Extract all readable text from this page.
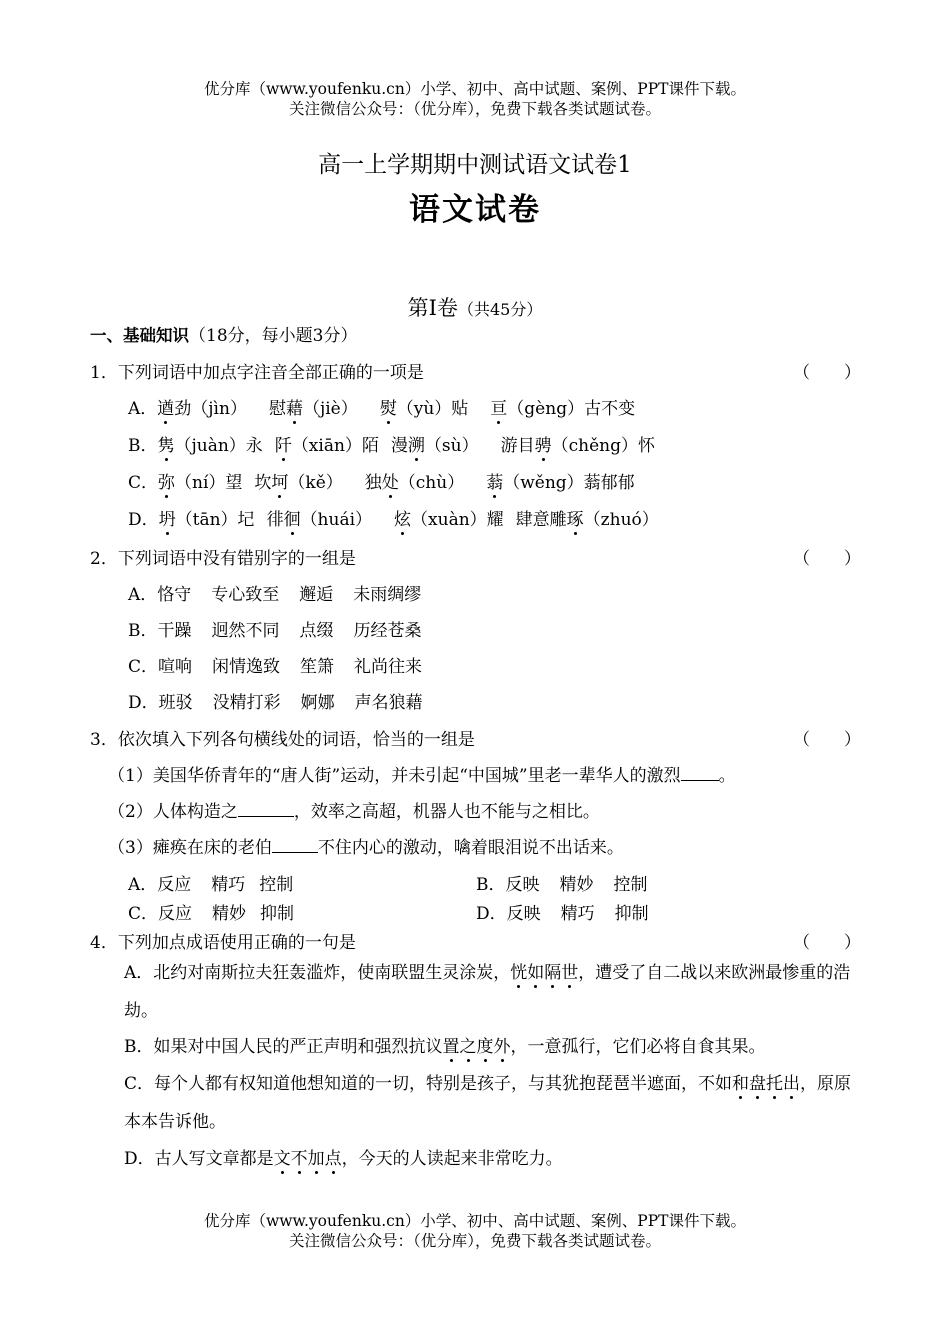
优分库（www.youfenku.cn）小学、初中、高中试题、案例、PPT课件下载。
关注微信公众号：（优分库），免费下载各类试题试卷。
高一上学期期中测试语文试卷1
语文试卷
第Ⅰ卷（共45分）
一、基础知识（18分，每小题3分）
1．下列词语中加点字注音全部正确的一项是	（　　）
A．遒劲（jìn） 慰藉（jiè） 熨（yù）贴 亘（gèng）古不变
B．隽（juàn）永 阡（xiān）陌 漫溯（sù） 游目骋（chěng）怀
C．弥（ní）望 坎坷（kě） 独处（chù） 蓊（wěng）蓊郁郁
D．坍（tān）圮 徘徊（huái） 炫（xuàn）耀 肆意雕琢（zhuó）
2．下列词语中没有错别字的一组是	（　　）
A．恪守 专心致至 邂逅 未雨绸缪
B．干躁 迥然不同 点缀 历经苍桑
C．喧响 闲情逸致 笙箫 礼尚往来
D．班驳 没精打彩 婀娜 声名狼藉
3．依次填入下列各句横线处的词语，恰当的一组是	（　　）
（1）美国华侨青年的“唐人街”运动，并未引起“中国城”里老一辈华人的激烈 。
（2）人体构造之	，效率之高超，机器人也不能与之相比。
（3）瘫痪在床的老伯	不住内心的激动，噙着眼泪说不出话来。
A．反应 精巧 控制	B．反映 精妙 控制
C．反应 精妙 抑制	D．反映 精巧 抑制
4．下列加点成语使用正确的一句是	（　　）
A．北约对南斯拉夫狂轰滥炸，使南联盟生灵涂炭，恍如隔世，遭受了自二战以来欧洲最惨重的浩劫。
B．如果对中国人民的严正声明和强烈抗议置之度外，一意孤行，它们必将自食其果。
C．每个人都有权知道他想知道的一切，特别是孩子，与其犹抱琵琶半遮面，不如和盘托出，原原本本告诉他。
D．古人写文章都是文不加点，今天的人读起来非常吃力。
优分库（www.youfenku.cn）小学、初中、高中试题、案例、PPT课件下载。
关注微信公众号：（优分库），免费下载各类试题试卷。
